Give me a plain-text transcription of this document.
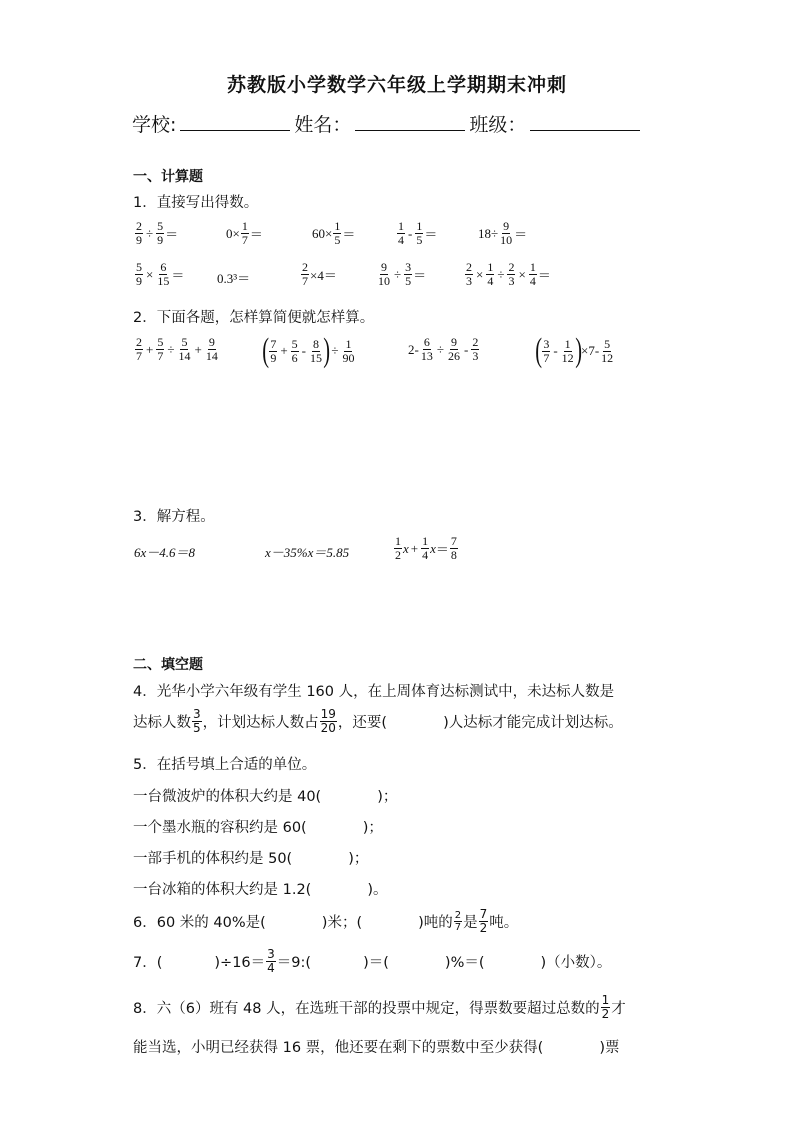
苏教版小学数学六年级上学期期末冲刺
学校:	姓名：	班级：
一、计算题
1．直接写出得数。
$\frac{2}{9} \div \frac{5}{9}$ ＝	$0\times \frac{1}{7}$ ＝	$60\times \frac{1}{5}$ ＝	$\frac{1}{4} - \frac{1}{5}$ ＝	$18\div \frac{9}{10}$ ＝
$\frac{5}{9} \times \frac{6}{15}$ ＝	0.3³＝	$\frac{2}{7} \times 4=$	$\frac{9}{10} \div \frac{3}{5}$ ＝	$\frac{2}{3} \times \frac{1}{4} \div \frac{2}{3} \times \frac{1}{4}$ ＝
2．下面各题，怎样算简便就怎样算。
$\frac{2}{7} + \frac{5}{7} \div \frac{5}{14} + \frac{9}{14}$ ( $\frac{7}{9} + \frac{5}{6} - \frac{8}{15}$ ) ÷ $\frac{1}{90}$	$2- \frac{6}{13} \div \frac{9}{26} - \frac{2}{3}$ ( $\frac{3}{7} - \frac{1}{12}$ ) $\times 7- \frac{5}{12}$
3．解方程。
6x－4.6＝8	x－35%x＝5.85	$\frac{1}{2}$ $x + \frac{1}{4}$ $x = \frac{7}{8}$
二、填空题
4．光华小学六年级有学生 160 人，在上周体育达标测试中，未达标人数是
达标人数 $\frac{3}{5}$ ，计划达标人数占 $\frac{19}{20}$ ，还要(	)人达标才能完成计划达标。
5．在括号填上合适的单位。
一台微波炉的体积大约是 40(	)；
一个墨水瓶的容积约是 60(	)；
一部手机的体积约是 50(	)；
一台冰箱的体积大约是 1.2(	)。
6．60 米的 40%是(	)米；(	)吨的 $\frac{2}{7}$ 是 $\frac{7}{2}$ 吨。
7．(	)$\div 16= \frac{3}{4}$ ＝9:(	)＝(	)%＝(	)（小数）。
8．六（6）班有 48 人，在选班干部的投票中规定，得票数要超过总数的 $\frac{1}{2}$ 才
能当选，小明已经获得 16 票，他还要在剩下的票数中至少获得(	)票
